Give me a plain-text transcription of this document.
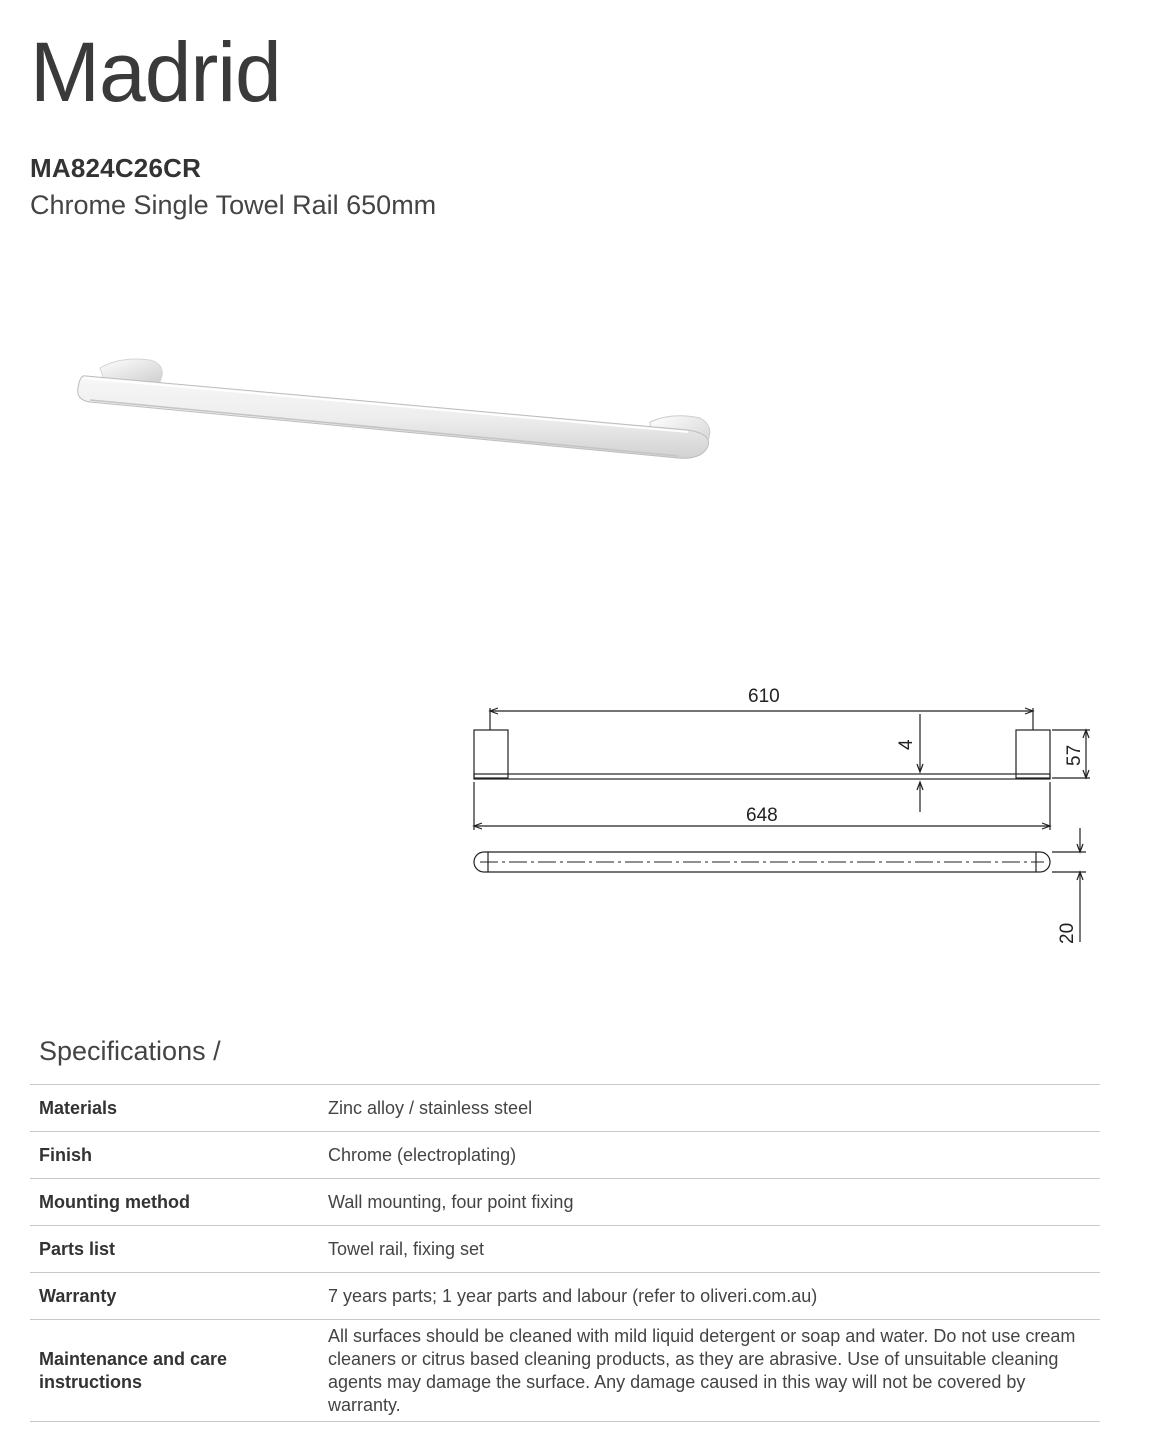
Madrid
MA824C26CR
Chrome Single Towel Rail 650mm
610
4
57
648
20
Specifications /
Materials	Zinc alloy / stainless steel
Finish	Chrome (electroplating)
Mounting method	Wall mounting, four point fixing
Parts list	Towel rail, fixing set
Warranty	7 years parts; 1 year parts and labour (refer to oliveri.com.au)
Maintenance and care instructions	All surfaces should be cleaned with mild liquid detergent or soap and water. Do not use cream cleaners or citrus based cleaning products, as they are abrasive. Use of unsuitable cleaning agents may damage the surface. Any damage caused in this way will not be covered by warranty.
